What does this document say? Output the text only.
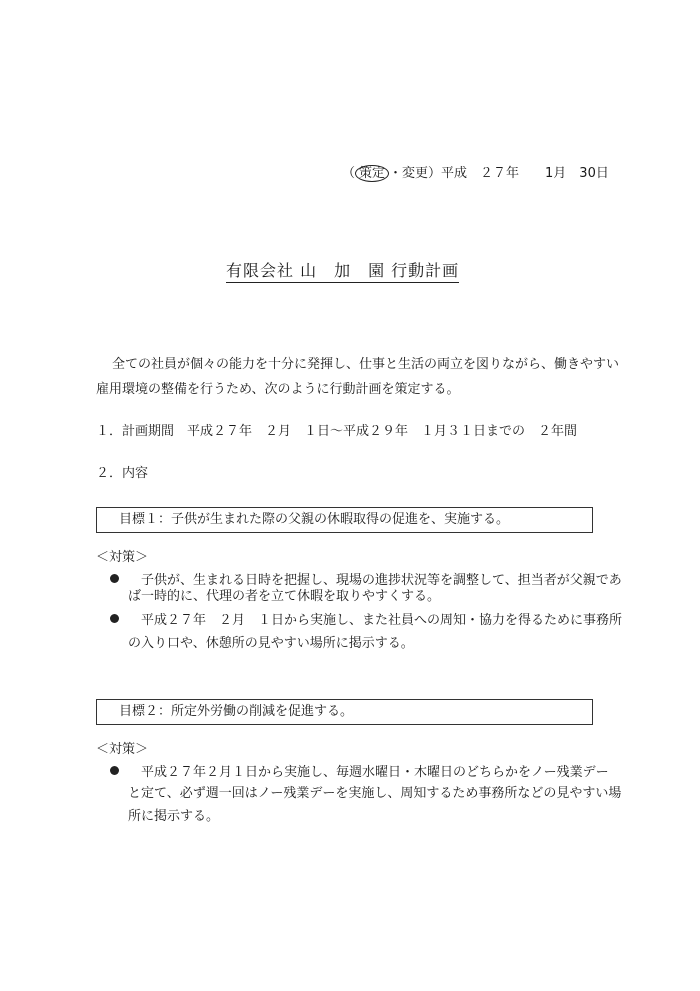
（ 策定 ・変更）平成　２７年　　1月　30日
有限会社 山　加　園 行動計画
全ての社員が個々の能力を十分に発揮し、仕事と生活の両立を図りながら、働きやすい
雇用環境の整備を行うため、次のように行動計画を策定する。
１．計画期間　平成２７年　２月　１日～平成２９年　１月３１日までの　２年間
２．内容
目標１：子供が生まれた際の父親の休暇取得の促進を、実施する。
＜対策＞
子供が、生まれる日時を把握し、現場の進捗状況等を調整して、担当者が父親であ
ば一時的に、代理の者を立て休暇を取りやすくする。
平成２７年　２月　１日から実施し、また社員への周知・協力を得るために事務所
の入り口や、休憩所の見やすい場所に掲示する。
目標２：所定外労働の削減を促進する。
＜対策＞
平成２７年２月１日から実施し、毎週水曜日・木曜日のどちらかをノー残業デー
と定て、必ず週一回はノー残業デーを実施し、周知するため事務所などの見やすい場
所に掲示する。
